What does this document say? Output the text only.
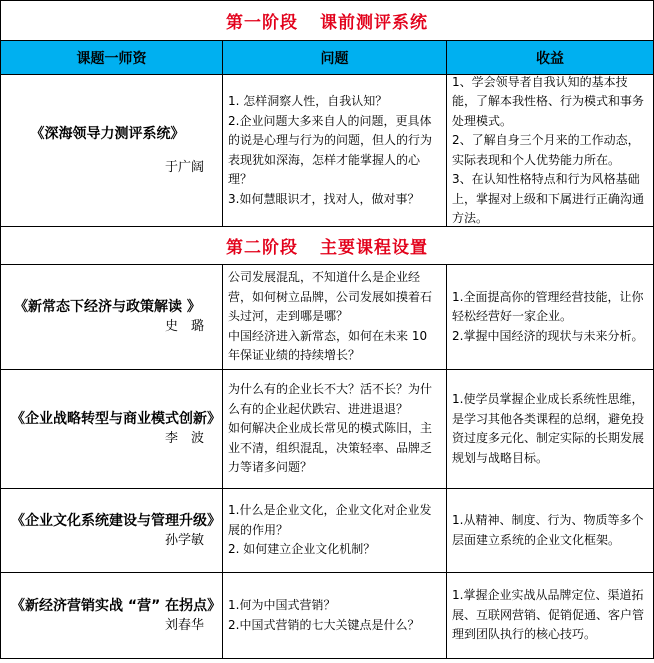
第一阶段 课前测评系统
课题一师资	问题	收益
《深海领导力测评系统》
于广阔

1. 怎样洞察人性，自我认知？

2.企业问题大多来自人的问题，更具体的说是心理与行为的问题，但人的行为表现犹如深海，怎样才能掌握人的心理？

3.如何慧眼识才，找对人，做对事？

1、学会领导者自我认知的基本技能，了解本我性格、行为模式和事务处理模式。

2、了解自身三个月来的工作动态，实际表现和个人优势能力所在。

3、在认知性格特点和行为风格基础上，掌握对上级和下属进行正确沟通方法。

第二阶段 主要课程设置
《新常态下经济与政策解读 》
史　璐

公司发展混乱，不知道什么是企业经营，如何树立品牌，公司发展如摸着石头过河，走到哪是哪？

中国经济进入新常态，如何在未来 10 年保证业绩的持续增长？

1.全面提高你的管理经营技能，让你轻松经营好一家企业。

2.掌握中国经济的现状与未来分析。

《企业战略转型与商业模式创新》
李　波

为什么有的企业长不大？活不长？为什么有的企业起伏跌宕、进进退退？

如何解决企业成长常见的模式陈旧，主业不清，组织混乱，决策轻率、品牌乏力等诸多问题？

1.使学员掌握企业成长系统性思维，是学习其他各类课程的总纲，避免投资过度多元化、制定实际的长期发展规划与战略目标。

《企业文化系统建设与管理升级》
孙学敏

1.什么是企业文化，企业文化对企业发展的作用？

2. 如何建立企业文化机制？

1.从精神、制度、行为、物质等多个层面建立系统的企业文化框架。

《新经济营销实战 “营” 在拐点》
刘春华

1.何为中国式营销？

2.中国式营销的七大关键点是什么？

1.掌握企业实战从品牌定位、渠道拓展、互联网营销、促销促通、客户管理到团队执行的核心技巧。
